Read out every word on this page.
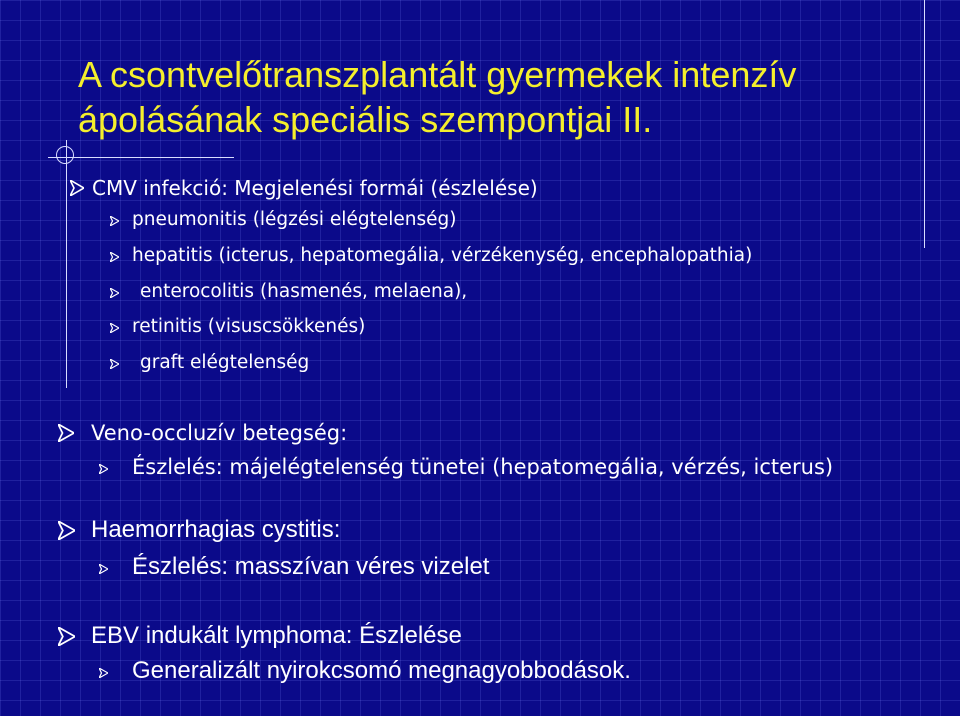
A csontvelőtranszplantált gyermekek intenzív
ápolásának speciális szempontjai II.
CMV infekció: Megjelenési formái (észlelése)
pneumonitis (légzési elégtelenség)
hepatitis (icterus, hepatomegália, vérzékenység, encephalopathia)
enterocolitis (hasmenés, melaena),
retinitis (visuscsökkenés)
graft elégtelenség
Veno-occluzív betegség:
Észlelés: májelégtelenség tünetei (hepatomegália, vérzés, icterus)
Haemorrhagias cystitis:
Észlelés: masszívan véres vizelet
EBV indukált lymphoma: Észlelése
Generalizált nyirokcsomó megnagyobbodások.
